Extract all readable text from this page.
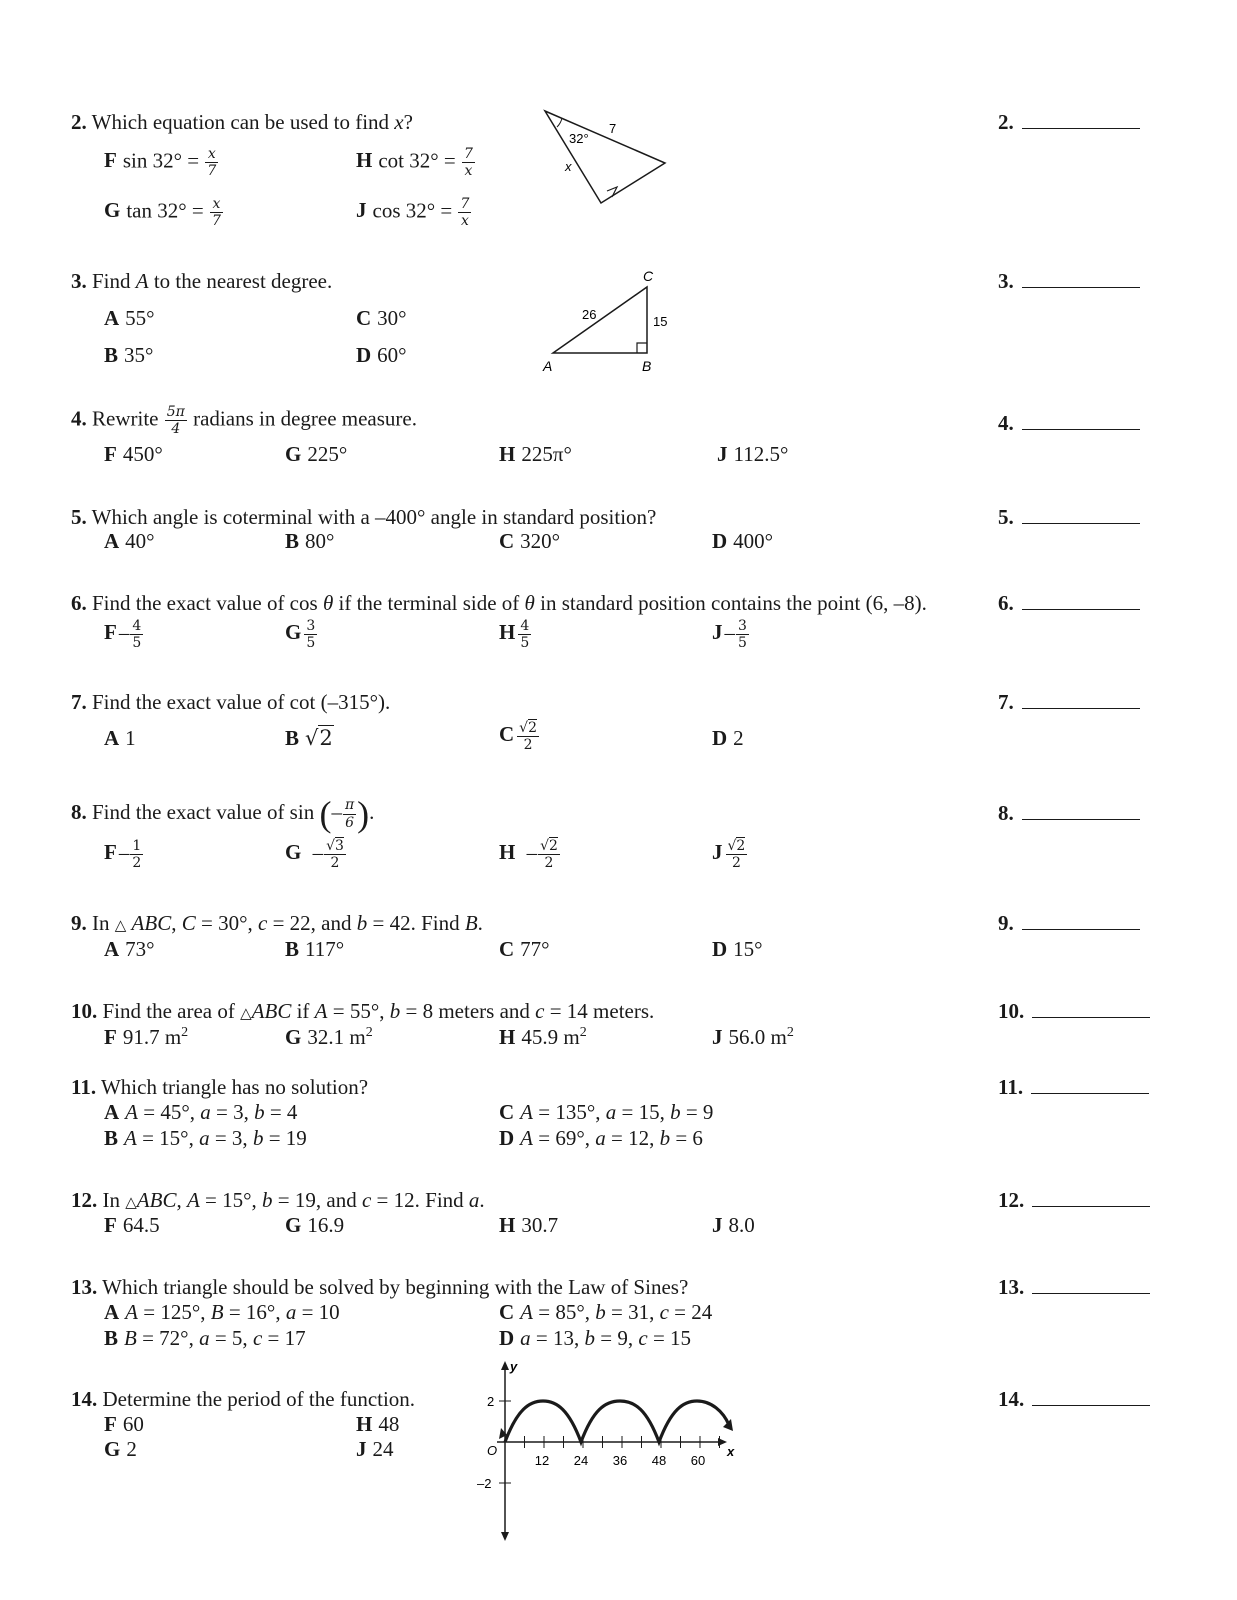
2. Which equation can be used to find x?
F $\sin 32^\circ = \frac{x}{7}$	H $\cot 32^\circ = \frac{7}{x}$
G $\tan 32^\circ = \frac{x}{7}$	J $\cos 32^\circ = \frac{7}{x}$
32°
7
x
2.
3. Find A to the nearest degree.
A 55°	C 30°
B 35°	D 60°
C
A	B
26	15
3.
4. Rewrite $\frac{5\pi}{4}$ radians in degree measure.
F 450°	G 225°	H 225π°	J 112.5°
4.
5. Which angle is coterminal with a –400° angle in standard position?
A 40°	B 80°	C 320°	D 400°
5.
6. Find the exact value of cos θ if the terminal side of θ in standard position contains the point (6, –8).
$F- \frac{4}{5}$	G $\frac{3}{5}$	H $\frac{4}{5}$	$J- \frac{3}{5}$
6.
7. Find the exact value of cot (–315°).
A 1	B √2	C $\frac{√2}{2}$	D 2
7.
8. Find the exact value of sin (– $\frac{\pi}{6}$ ).
$F- \frac{1}{2}$	G – $\frac{√3}{2}$	H – $\frac{√2}{2}$	J $\frac{√2}{2}$
8.
9. In △ ABC, C = 30°, c = 22, and b = 42. Find B.
A 73°	B 117°	C 77°	D 15°
9.
10. Find the area of △ABC if A = 55°, b = 8 meters and c = 14 meters.
F 91.7 $m^2$	G 32.1 $m^2$	H 45.9 $m^2$	J 56.0 $m^2$
10.
11. Which triangle has no solution?
A A = 45°, a = 3, b = 4
B A = 15°, a = 3, b = 19
C A = 135°, a = 15, b = 9
D A = 69°, a = 12, b = 6
11.
12. In △ABC, A = 15°, b = 19, and c = 12. Find a.
F 64.5	G 16.9	H 30.7	J 8.0
12.
13. Which triangle should be solved by beginning with the Law of Sines?
A A = 125°, B = 16°, a = 10
B B = 72°, a = 5, c = 17
C A = 85°, b = 31, c = 24
D a = 13, b = 9, c = 15
13.
14. Determine the period of the function.
F 60	H 48
G 2	J 24
14.
y
x
O
2
–2
12 24 36 48 60
